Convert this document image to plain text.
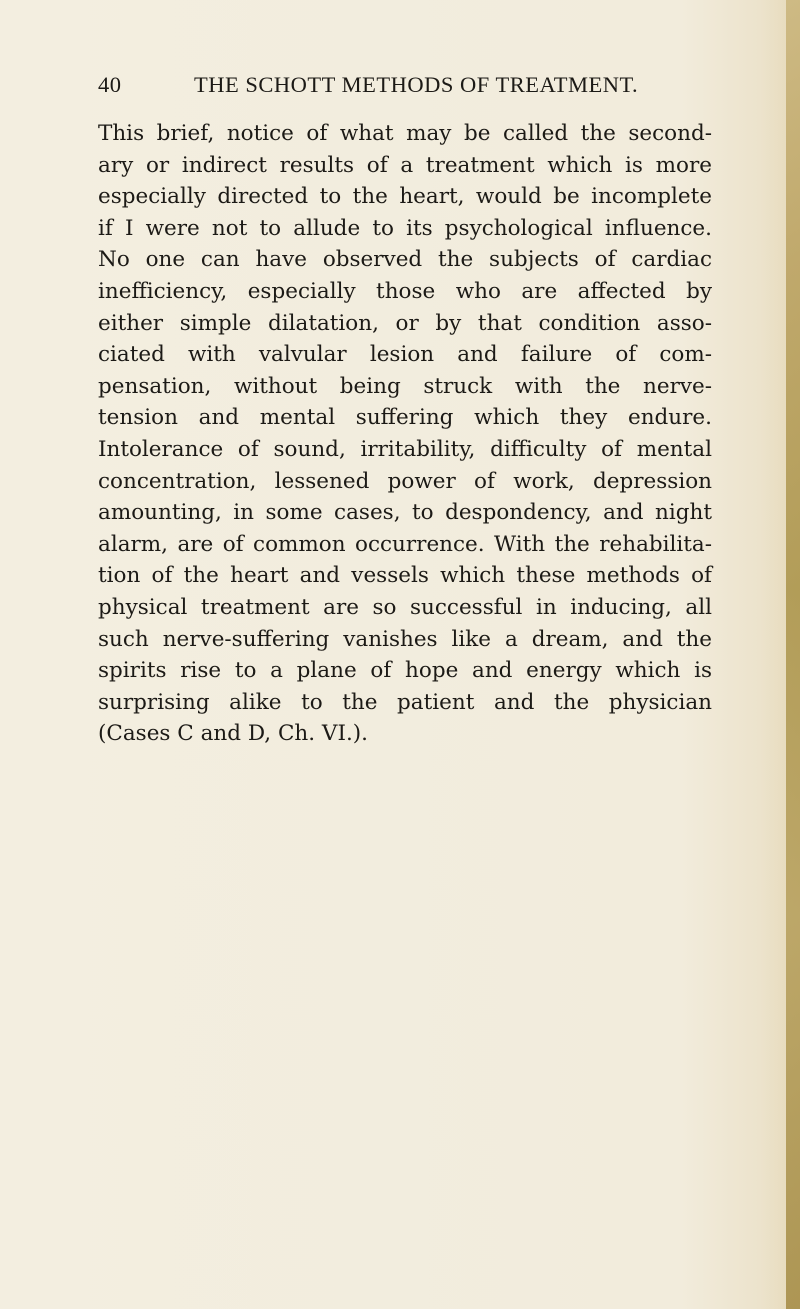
40	THE SCHOTT METHODS OF TREATMENT.

This brief, notice of what may be called the second-
ary or indirect results of a treatment which is more
especially directed to the heart, would be incomplete
if I were not to allude to its psychological influence.
No one can have observed the subjects of cardiac
inefficiency, especially those who are affected by
either simple dilatation, or by that condition asso-
ciated with valvular lesion and failure of com-
pensation, without being struck with the nerve-
tension and mental suffering which they endure.
Intolerance of sound, irritability, difficulty of mental
concentration, lessened power of work, depression
amounting, in some cases, to despondency, and night
alarm, are of common occurrence. With the rehabilita-
tion of the heart and vessels which these methods of
physical treatment are so successful in inducing, all
such nerve-suffering vanishes like a dream, and the
spirits rise to a plane of hope and energy which is
surprising alike to the patient and the physician
(Cases C and D, Ch. VI.).
